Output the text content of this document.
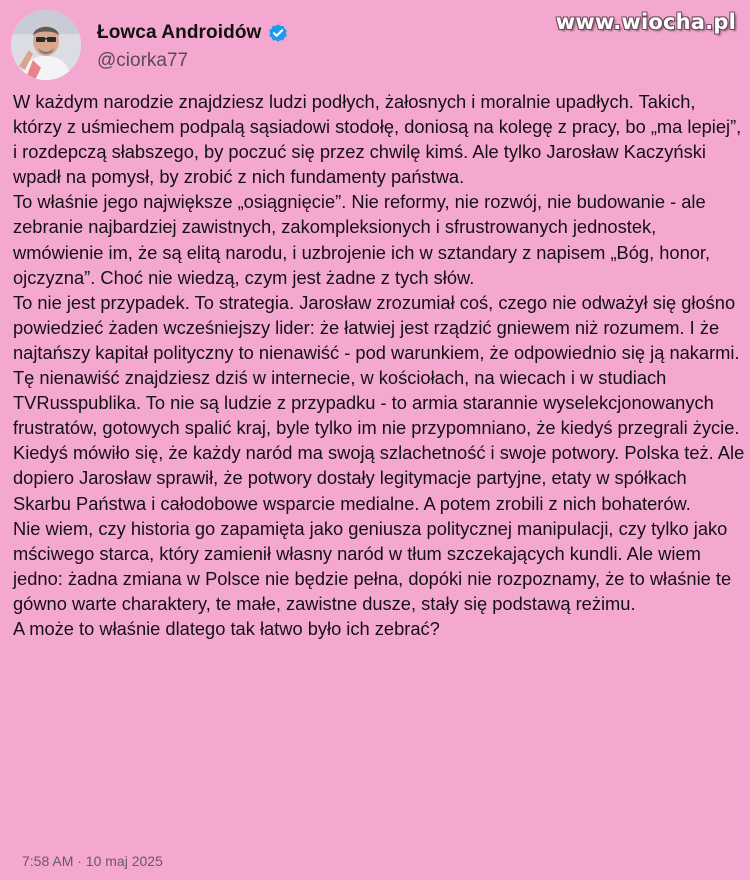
Łowca Androidów
@ciorka77
www.wiocha.pl

W każdym narodzie znajdziesz ludzi podłych, żałosnych i moralnie upadłych. Takich, którzy z uśmiechem podpalą sąsiadowi stodołę, doniosą na kolegę z pracy, bo „ma lepiej”, i rozdepczą słabszego, by poczuć się przez chwilę kimś. Ale tylko Jarosław Kaczyński wpadł na pomysł, by zrobić z nich fundamenty państwa.

To właśnie jego największe „osiągnięcie”. Nie reformy, nie rozwój, nie budowanie - ale zebranie najbardziej zawistnych, zakompleksionych i sfrustrowanych jednostek, wmówienie im, że są elitą narodu, i uzbrojenie ich w sztandary z napisem „Bóg, honor, ojczyzna”. Choć nie wiedzą, czym jest żadne z tych słów.

To nie jest przypadek. To strategia. Jarosław zrozumiał coś, czego nie odważył się głośno powiedzieć żaden wcześniejszy lider: że łatwiej jest rządzić gniewem niż rozumem. I że najtańszy kapitał polityczny to nienawiść - pod warunkiem, że odpowiednio się ją nakarmi. Tę nienawiść znajdziesz dziś w internecie, w kościołach, na wiecach i w studiach TVRusspublika. To nie są ludzie z przypadku - to armia starannie wyselekcjonowanych frustratów, gotowych spalić kraj, byle tylko im nie przypomniano, że kiedyś przegrali życie.

Kiedyś mówiło się, że każdy naród ma swoją szlachetność i swoje potwory. Polska też. Ale dopiero Jarosław sprawił, że potwory dostały legitymacje partyjne, etaty w spółkach Skarbu Państwa i całodobowe wsparcie medialne. A potem zrobili z nich bohaterów.

Nie wiem, czy historia go zapamięta jako geniusza politycznej manipulacji, czy tylko jako mściwego starca, który zamienił własny naród w tłum szczekających kundli. Ale wiem jedno: żadna zmiana w Polsce nie będzie pełna, dopóki nie rozpoznamy, że to właśnie te gówno warte charaktery, te małe, zawistne dusze, stały się podstawą reżimu.

A może to właśnie dlatego tak łatwo było ich zebrać?

7:58 AM · 10 maj 2025
